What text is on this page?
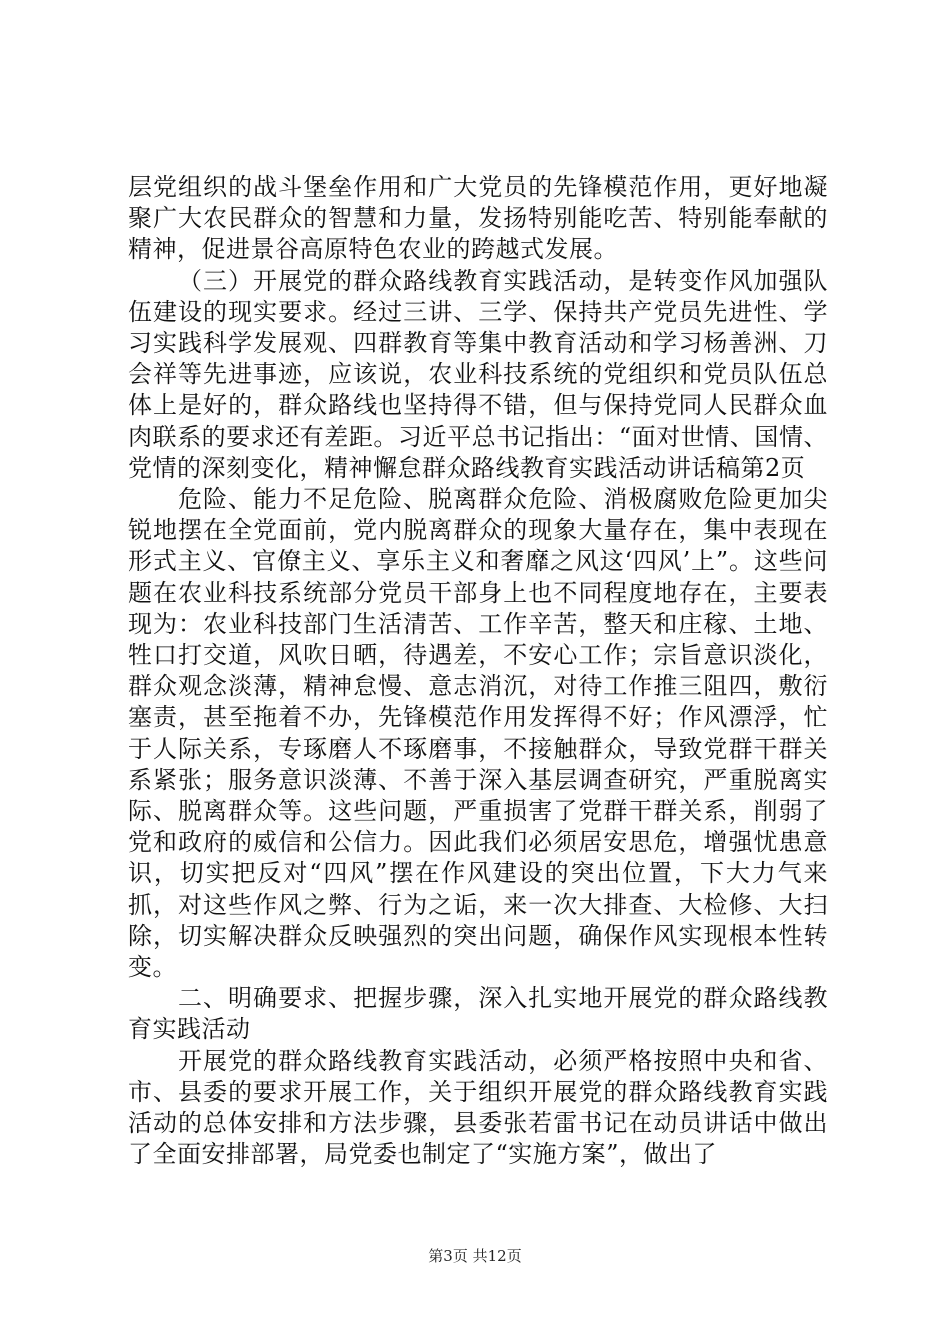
层党组织的战斗堡垒作用和广大党员的先锋模范作用，更好地凝聚广大农民群众的智慧和力量，发扬特别能吃苦、特别能奉献的精神，促进景谷高原特色农业的跨越式发展。

（三）开展党的群众路线教育实践活动，是转变作风加强队伍建设的现实要求。经过三讲、三学、保持共产党员先进性、学习实践科学发展观、四群教育等集中教育活动和学习杨善洲、刀会祥等先进事迹，应该说，农业科技系统的党组织和党员队伍总体上是好的，群众路线也坚持得不错，但与保持党同人民群众血肉联系的要求还有差距。习近平总书记指出：“面对世情、国情、党情的深刻变化，精神懈怠群众路线教育实践活动讲话稿第2页

危险、能力不足危险、脱离群众危险、消极腐败危险更加尖锐地摆在全党面前，党内脱离群众的现象大量存在，集中表现在形式主义、官僚主义、享乐主义和奢靡之风这‘四风’上”。这些问题在农业科技系统部分党员干部身上也不同程度地存在，主要表现为：农业科技部门生活清苦、工作辛苦，整天和庄稼、土地、牲口打交道，风吹日晒，待遇差，不安心工作；宗旨意识淡化，群众观念淡薄，精神怠慢、意志消沉，对待工作推三阻四，敷衍塞责，甚至拖着不办，先锋模范作用发挥得不好；作风漂浮，忙于人际关系，专琢磨人不琢磨事，不接触群众，导致党群干群关系紧张；服务意识淡薄、不善于深入基层调查研究，严重脱离实际、脱离群众等。这些问题，严重损害了党群干群关系，削弱了党和政府的威信和公信力。因此我们必须居安思危，增强忧患意识，切实把反对“四风”摆在作风建设的突出位置，下大力气来抓，对这些作风之弊、行为之诟，来一次大排查、大检修、大扫除，切实解决群众反映强烈的突出问题，确保作风实现根本性转变。

二、明确要求、把握步骤，深入扎实地开展党的群众路线教育实践活动

开展党的群众路线教育实践活动，必须严格按照中央和省、市、县委的要求开展工作，关于组织开展党的群众路线教育实践活动的总体安排和方法步骤，县委张若雷书记在动员讲话中做出了全面安排部署，局党委也制定了“实施方案”，做出了

第3页 共12页
